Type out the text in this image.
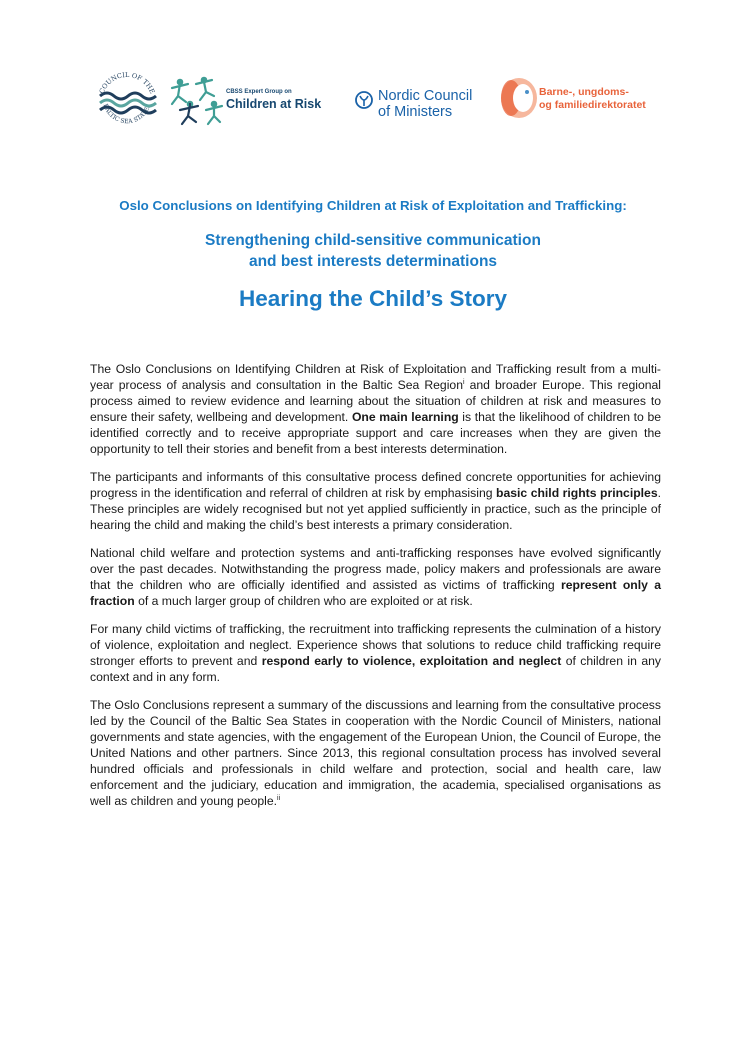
COUNCIL OF THE
BALTIC SEA STATES
CBSS Expert Group on
Children at Risk	Nordic Council
of Ministers
Barne-, ungdoms-
og familiedirektoratet
Oslo Conclusions on Identifying Children at Risk of Exploitation and Trafficking:
Strengthening child-sensitive communication
and best interests determinations
Hearing the Child’s Story

The Oslo Conclusions on Identifying Children at Risk of Exploitation and Trafficking result from a multi-year process of analysis and consultation in the Baltic Sea Region$^i$ and broader Europe. This regional process aimed to review evidence and learning about the situation of children at risk and measures to ensure their safety, wellbeing and development. One main learning is that the likelihood of children to be identified correctly and to receive appropriate support and care increases when they are given the opportunity to tell their stories and benefit from a best interests determination.

The participants and informants of this consultative process defined concrete opportunities for achieving progress in the identification and referral of children at risk by emphasising basic child rights principles. These principles are widely recognised but not yet applied sufficiently in practice, such as the principle of hearing the child and making the child’s best interests a primary consideration.

National child welfare and protection systems and anti-trafficking responses have evolved significantly over the past decades. Notwithstanding the progress made, policy makers and professionals are aware that the children who are officially identified and assisted as victims of trafficking represent only a fraction of a much larger group of children who are exploited or at risk.

For many child victims of trafficking, the recruitment into trafficking represents the culmination of a history of violence, exploitation and neglect. Experience shows that solutions to reduce child trafficking require stronger efforts to prevent and respond early to violence, exploitation and neglect of children in any context and in any form.

The Oslo Conclusions represent a summary of the discussions and learning from the consultative process led by the Council of the Baltic Sea States in cooperation with the Nordic Council of Ministers, national governments and state agencies, with the engagement of the European Union, the Council of Europe, the United Nations and other partners. Since 2013, this regional consultation process has involved several hundred officials and professionals in child welfare and protection, social and health care, law enforcement and the judiciary, education and immigration, the academia, specialised organisations as well as children and young people.$^{ii}$
